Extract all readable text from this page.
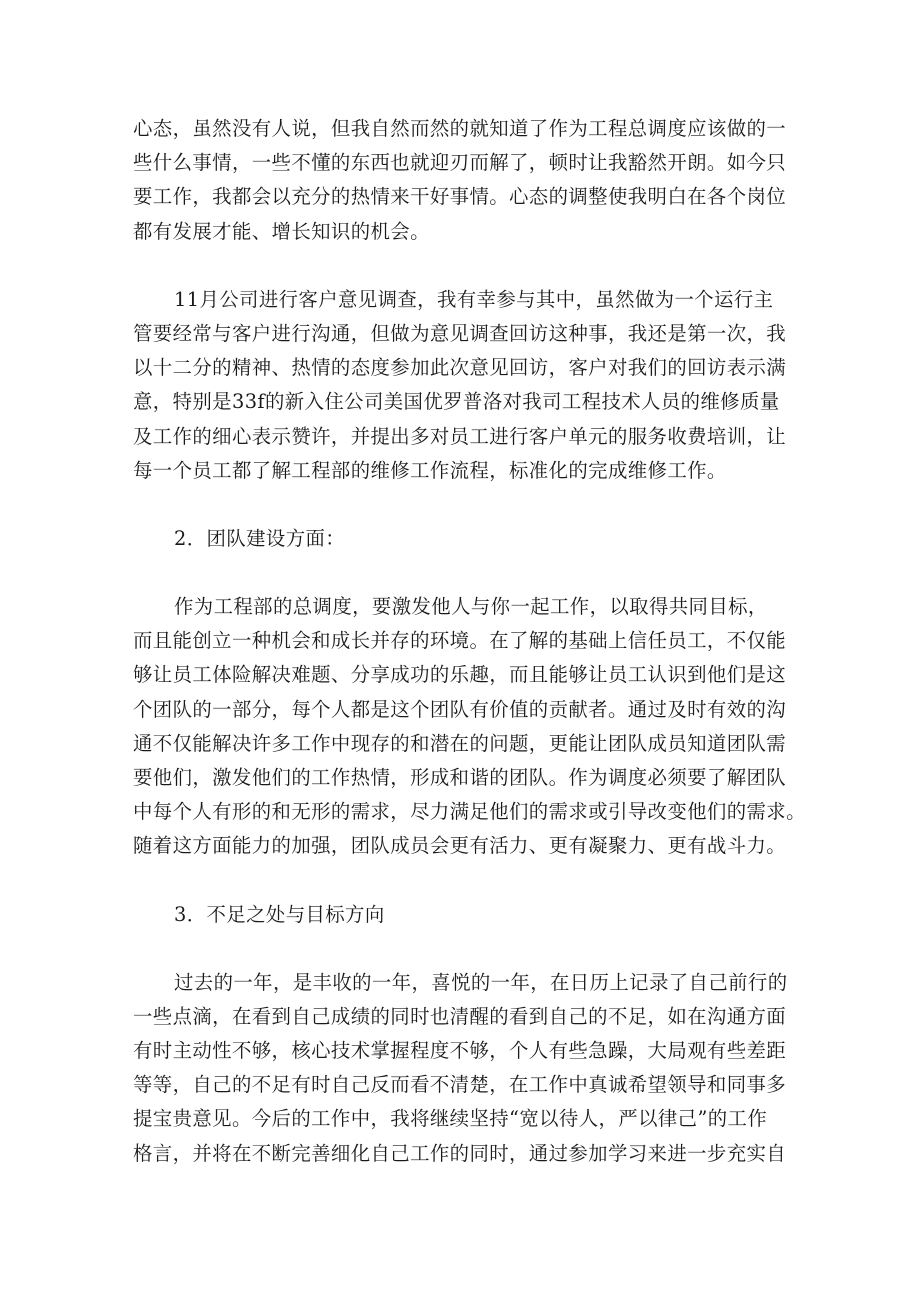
心态，虽然没有人说，但我自然而然的就知道了作为工程总调度应该做的一
些什么事情，一些不懂的东西也就迎刃而解了，顿时让我豁然开朗。如今只
要工作，我都会以充分的热情来干好事情。心态的调整使我明白在各个岗位
都有发展才能、增长知识的机会。

11月公司进行客户意见调查，我有幸参与其中，虽然做为一个运行主
管要经常与客户进行沟通，但做为意见调查回访这种事，我还是第一次，我
以十二分的精神、热情的态度参加此次意见回访，客户对我们的回访表示满
意，特别是33f的新入住公司美国优罗普洛对我司工程技术人员的维修质量
及工作的细心表示赞许，并提出多对员工进行客户单元的服务收费培训，让
每一个员工都了解工程部的维修工作流程，标准化的完成维修工作。

2．团队建设方面：

作为工程部的总调度，要激发他人与你一起工作，以取得共同目标，
而且能创立一种机会和成长并存的环境。在了解的基础上信任员工，不仅能
够让员工体险解决难题、分享成功的乐趣，而且能够让员工认识到他们是这
个团队的一部分，每个人都是这个团队有价值的贡献者。通过及时有效的沟
通不仅能解决许多工作中现存的和潜在的问题，更能让团队成员知道团队需
要他们，激发他们的工作热情，形成和谐的团队。作为调度必须要了解团队
中每个人有形的和无形的需求，尽力满足他们的需求或引导改变他们的需求。
随着这方面能力的加强，团队成员会更有活力、更有凝聚力、更有战斗力。

3．不足之处与目标方向

过去的一年，是丰收的一年，喜悦的一年，在日历上记录了自己前行的
一些点滴，在看到自己成绩的同时也清醒的看到自己的不足，如在沟通方面
有时主动性不够，核心技术掌握程度不够，个人有些急躁，大局观有些差距
等等，自己的不足有时自己反而看不清楚，在工作中真诚希望领导和同事多
提宝贵意见。今后的工作中，我将继续坚持“宽以待人，严以律己”的工作
格言，并将在不断完善细化自己工作的同时，通过参加学习来进一步充实自
